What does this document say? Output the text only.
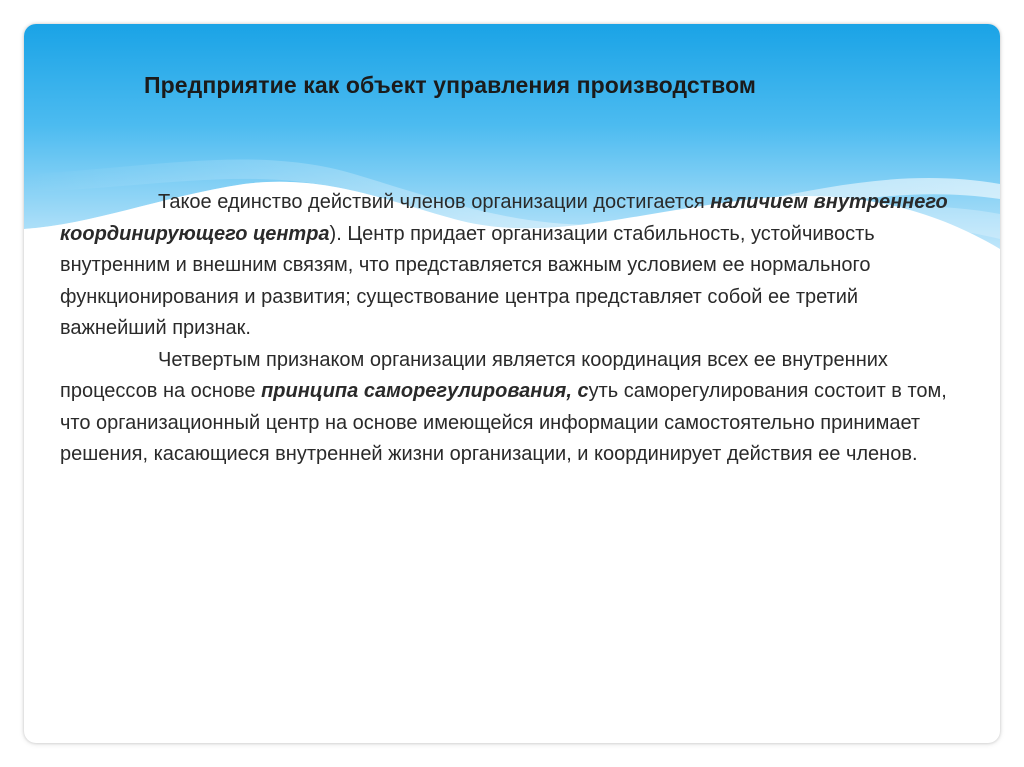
Предприятие как объект управления производством

Такое единство действий членов организации достигается наличием внутреннего координирующего центра). Центр придает организации стабильность, устойчивость внутренним и внешним связям, что представляется важным условием ее нормального функционирования и развития; существование центра представляет собой ее третий важнейший признак.

Четвертым признаком организации является координация всех ее внутренних процессов на основе принципа саморегулирования, суть саморегулирования состоит в том, что организационный центр на основе имеющейся информации самостоятельно принимает решения, касающиеся внутренней жизни организации, и координирует действия ее членов.
